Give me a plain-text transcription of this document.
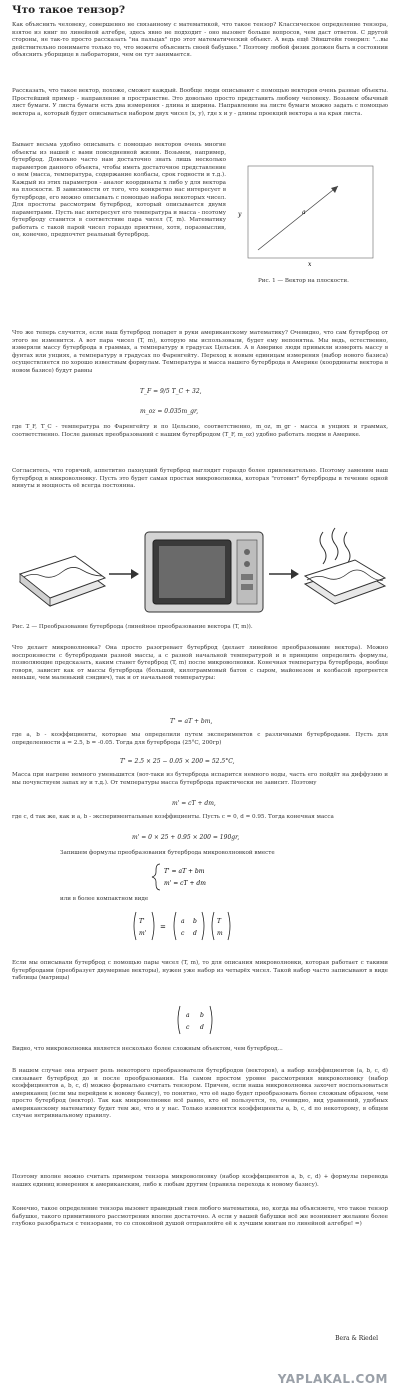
Что такое тензор?
Как объяснить человеку, совершенно не связанному с математикой, что такое тензор? Классическое определение тензора, взятое из книг по линейной алгебре, здесь явно не подходит - оно вызовет больше вопросов, чем даст ответов. С другой стороны, не так-то просто рассказать "на пальцах" про этот математический объект. А ведь ещё Эйнштейн говорил: "...вы действительно понимаете только то, что можете объяснить своей бабушке." Поэтому любой физик должен быть в состоянии объяснить уборщице в лаборатории, чем он тут занимается.
Рассказать, что такое вектор, похоже, сможет каждый. Вообще люди описывают с помощью векторов очень разные объекты. Простейший пример - направление в пространстве. Это довольно просто представить любому человеку. Возьмем обычный лист бумаги. У листа бумаги есть два измерения - длина и ширина. Направление на листе бумаги можно задать с помощью вектора a, который будет описываться набором двух чисел (x, y), где x и y - длины проекций вектора a на края листа.
Бывает весьма удобно описывать с помощью векторов очень многие объекты из нашей с вами повседневной жизни. Возьмем, например, бутерброд. Довольно часто нам достаточно знать лишь несколько параметров данного объекта, чтобы иметь достаточное представление о нем (масса, температура, содержание колбасы, срок годности и т.д.). Каждый из этих параметров - аналог координаты x либо y для вектора на плоскости. В зависимости от того, что конкретно нас интересует в бутерброде, его можно описывать с помощью набора некоторых чисел. Для простоты рассмотрим бутерброд, который описывается двумя параметрами. Пусть нас интересует его температура и масса - поэтому бутерброду ставится в соответствие пара чисел (T, m). Математику работать с такой парой чисел гораздо приятнее, хотя, поразмыслив, он, конечно, предпочтет реальный бутерброд.
a
y
x
Рис. 1 — Вектор на плоскости.
Что же теперь случится, если наш бутерброд попадет в руки американскому математику? Очевидно, что сам бутерброд от этого не изменится. А вот пара чисел (T, m), которую мы использовали, будет ему непонятна. Мы ведь, естественно, измеряли массу бутерброда в граммах, а температуру в градусах Цельсия. А в Америке люди привыкли измерять массу в фунтах или унциях, а температуру в градусах по Фаренгейту. Переход к новым единицам измерения (выбор нового базиса) осуществляется по хорошо известным формулам. Температура и масса нашего бутерброда в Америке (координаты вектора в новом базисе) будут равны
T_F = 9/5 T_C + 32,
m_oz = 0.035m_gr,
где T_F, T_C - температура по Фаренгейту и по Цельсию, соответственно, m_oz, m_gr - масса в унциях и граммах, соответственно. После данных преобразований с нашим бутербродом (T_F, m_oz) удобно работать людям в Америке.
Согласитесь, что горячий, аппетитно пахнущий бутерброд выглядит гораздо более привлекательно. Поэтому заменим наш бутерброд в микроволновку. Пусть это будет самая простая микроволновка, которая "готовит" бутерброды в течение одной минуты и мощность её всегда постоянна.
Рис. 2 — Преобразование бутерброда (линейное преобразование вектора (T, m)).
Что делает микроволновка? Она просто разогревает бутерброд (делает линейное преобразование вектора). Можно воспроизвести с бутербродами разной массы, а с разной начальной температурой и в принципе определить формулы, позволяющие предсказать, каким станет бутерброд (T, m) после микроволновки. Конечная температура бутерброда, вообще говоря, зависит как от массы бутерброда (большой, килограммовый батон с сыром, майонезом и колбасой прогреется меньше, чем маленький сэндвич), так и от начальной температуры:
T' = aT + bm,
где a, b - коэффициенты, которые мы определили путем экспериментов с различными бутербродами. Пусть для определенности a = 2.5, b = -0.05. Тогда для бутерброда (25°C, 200гр)
T' = 2.5 × 25 − 0.05 × 200 = 52.5°C,
Масса при нагреве немного уменьшится (вот-таки из бутерброда испарится немного воды, часть его пойдёт на диффузию и мы почувствуем запах ну и т.д.). От температуры масса бутерброда практически не зависит. Поэтому
m' = cT + dm,
где c, d так же, как и a, b - экспериментальные коэффициенты. Пусть c = 0, d = 0.95. Тогда конечная масса
m' = 0 × 25 + 0.95 × 200 = 190gr,
Запишем формулы преобразования бутерброда микроволновкой вместе
T' = aT + bm
m' = cT + dm
или в более компактном виде
T'
m'
=
a b
c d
T
m
Если мы описывали бутерброд с помощью пары чисел (T, m), то для описания микроволновки, которая работает с такими бутербродами (преобразует двумерные векторы), нужен уже набор из четырёх чисел. Такой набор часто записывают в виде таблицы (матрицы)
a b
c d
Видно, что микроволновка является несколько более сложным объектом, чем бутерброд...
В нашем случае она играет роль некоторого преобразователя бутербродов (векторов), а набор коэффициентов (a, b, c, d) связывает бутерброд до и после преобразования. На самом простом уровне рассмотрения микроволновку (набор коэффициентов a, b, c, d) можно формально считать тензором. Причем, если наша микроволновка захочет воспользоваться американец (если мы перейдем к новому базису), то понятно, что её надо будет преобразовать более сложным образом, чем просто бутерброд (вектор). Так как микроволновке всё равно, кто её пользуется, то, очевидно, вид уравнений, удобных американскому математику будет тем же, что и у нас. Только изменятся коэффициенты a, b, c, d по некоторому, в общем случае нетривиальному правилу.
Поэтому вполне можно считать примером тензора микроволновку (набор коэффициентов a, b, c, d) + формулы перевода наших единиц измерения к американским, либо к любым другим (правила перехода к новому базису).
Конечно, такое определение тензора вызовет праведный гнев любого математика, но, когда вы объясняете, что такое тензор бабушке, такого примитивного рассмотрения вполне достаточно. А если у вашей бабушки всё же возникнет желание более глубоко разобраться с тензорами, то со спокойной душой отправляйте её к лучшим книгам по линейной алгебре! =)
Bera & Riedel
YAPLAKAL.COM
